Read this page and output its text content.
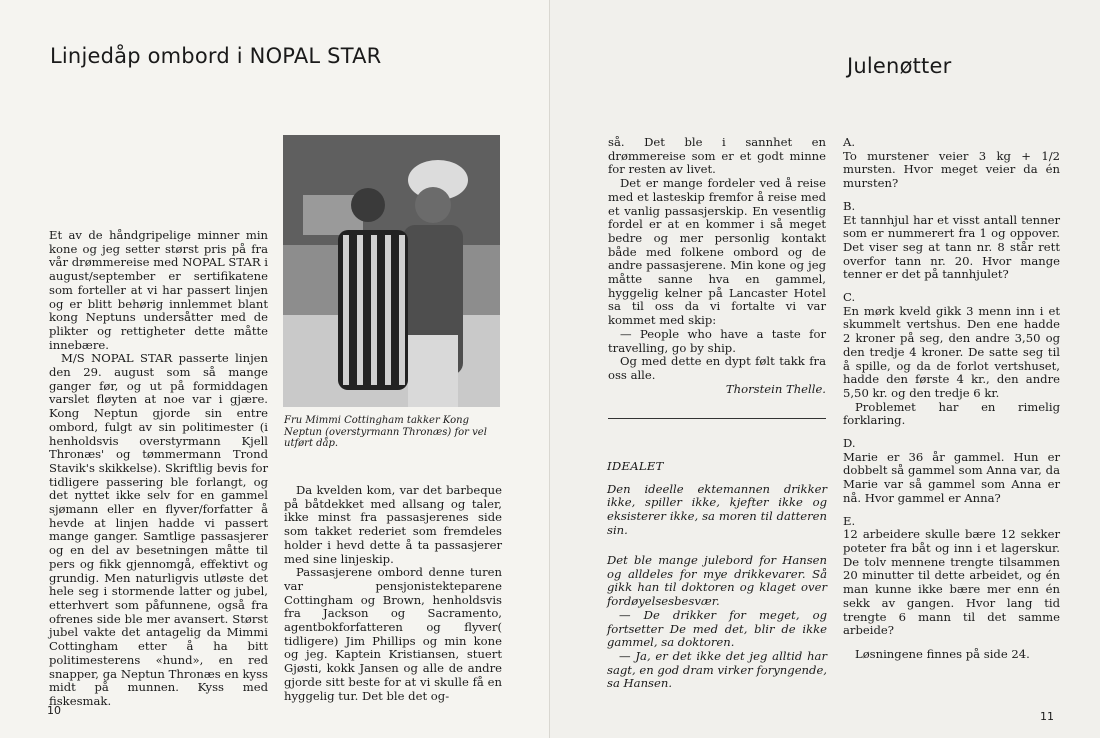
Linjedåp ombord i NOPAL STAR

Et av de håndgripelige minner min kone og jeg setter størst pris på fra vår drømmereise med NOPAL STAR i august/september er sertifikatene som forteller at vi har passert linjen og er blitt behørig innlemmet blant kong Neptuns undersåtter med de plikter og rettigheter dette måtte innebære.

M/S NOPAL STAR passerte linjen den 29. august som så mange ganger før, og ut på formiddagen varslet fløyten at noe var i gjære. Kong Neptun gjorde sin entre ombord, fulgt av sin politimester (i henholdsvis overstyrmann Kjell Thronæs' og tømmermann Trond Stavik's skikkelse). Skriftlig bevis for tidligere passering ble forlangt, og det nyttet ikke selv for en gammel sjømann eller en flyver/forfatter å hevde at linjen hadde vi passert mange ganger. Samtlige passasjerer og en del av besetningen måtte til pers og fikk gjennomgå, effektivt og grundig. Men naturligvis utløste det hele seg i stormende latter og jubel, etterhvert som påfunnene, også fra ofrenes side ble mer avansert. Størst jubel vakte det antagelig da Mimmi Cottingham etter å ha bitt politimesterens «hund», en red snapper, ga Neptun Thronæs en kyss midt på munnen. Kyss med fiskesmak.

Fru Mimmi Cottingham takker Kong Neptun (overstyrmann Thronæs) for vel utført dåp.

Da kvelden kom, var det barbeque på båtdekket med allsang og taler, ikke minst fra passasjerenes side som takket rederiet som fremdeles holder i hevd dette å ta passasjerer med sine linjeskip.

Passasjerene ombord denne turen var pensjonistekteparene Cottingham og Brown, henholdsvis fra Jackson og Sacramento, agentbokforfatteren og flyver( tidligere) Jim Phillips og min kone og jeg. Kaptein Kristiansen, stuert Gjøsti, kokk Jansen og alle de andre gjorde sitt beste for at vi skulle få en hyggelig tur. Det ble det og-

10
Julenøtter

så. Det ble i sannhet en drømmereise som er et godt minne for resten av livet.

Det er mange fordeler ved å reise med et lasteskip fremfor å reise med et vanlig passasjerskip. En vesentlig fordel er at en kommer i så meget bedre og mer personlig kontakt både med folkene ombord og de andre passasjerene. Min kone og jeg måtte sanne hva en gammel, hyggelig kelner på Lancaster Hotel sa til oss da vi fortalte vi var kommet med skip:

— People who have a taste for travelling, go by ship.

Og med dette en dypt følt takk fra oss alle.

Thorstein Thelle.

IDEALET

Den ideelle ektemannen drikker ikke, spiller ikke, kjefter ikke og eksisterer ikke, sa moren til datteren sin.

Det ble mange julebord for Hansen og alldeles for mye drikkevarer. Så gikk han til doktoren og klaget over fordøyelsesbesvær.

— De drikker for meget, og fortsetter De med det, blir de ikke gammel, sa doktoren.

— Ja, er det ikke det jeg alltid har sagt, en god dram virker foryngende, sa Hansen.

A.

To murstener veier 3 kg + 1/2 mursten. Hvor meget veier da én mursten?

B.

Et tannhjul har et visst antall tenner som er nummerert fra 1 og oppover. Det viser seg at tann nr. 8 står rett overfor tann nr. 20. Hvor mange tenner er det på tannhjulet?

C.

En mørk kveld gikk 3 menn inn i et skummelt vertshus. Den ene hadde 2 kroner på seg, den andre 3,50 og den tredje 4 kroner. De satte seg til å spille, og da de forlot vertshuset, hadde den første 4 kr., den andre 5,50 kr. og den tredje 6 kr.

Problemet har en rimelig forklaring.

D.

Marie er 36 år gammel. Hun er dobbelt så gammel som Anna var, da Marie var så gammel som Anna er nå. Hvor gammel er Anna?

E.

12 arbeidere skulle bære 12 sekker poteter fra båt og inn i et lagerskur. De tolv mennene trengte tilsammen 20 minutter til dette arbeidet, og én man kunne ikke bære mer enn én sekk av gangen. Hvor lang tid trengte 6 mann til det samme arbeide?

Løsningene finnes på side 24.

11
